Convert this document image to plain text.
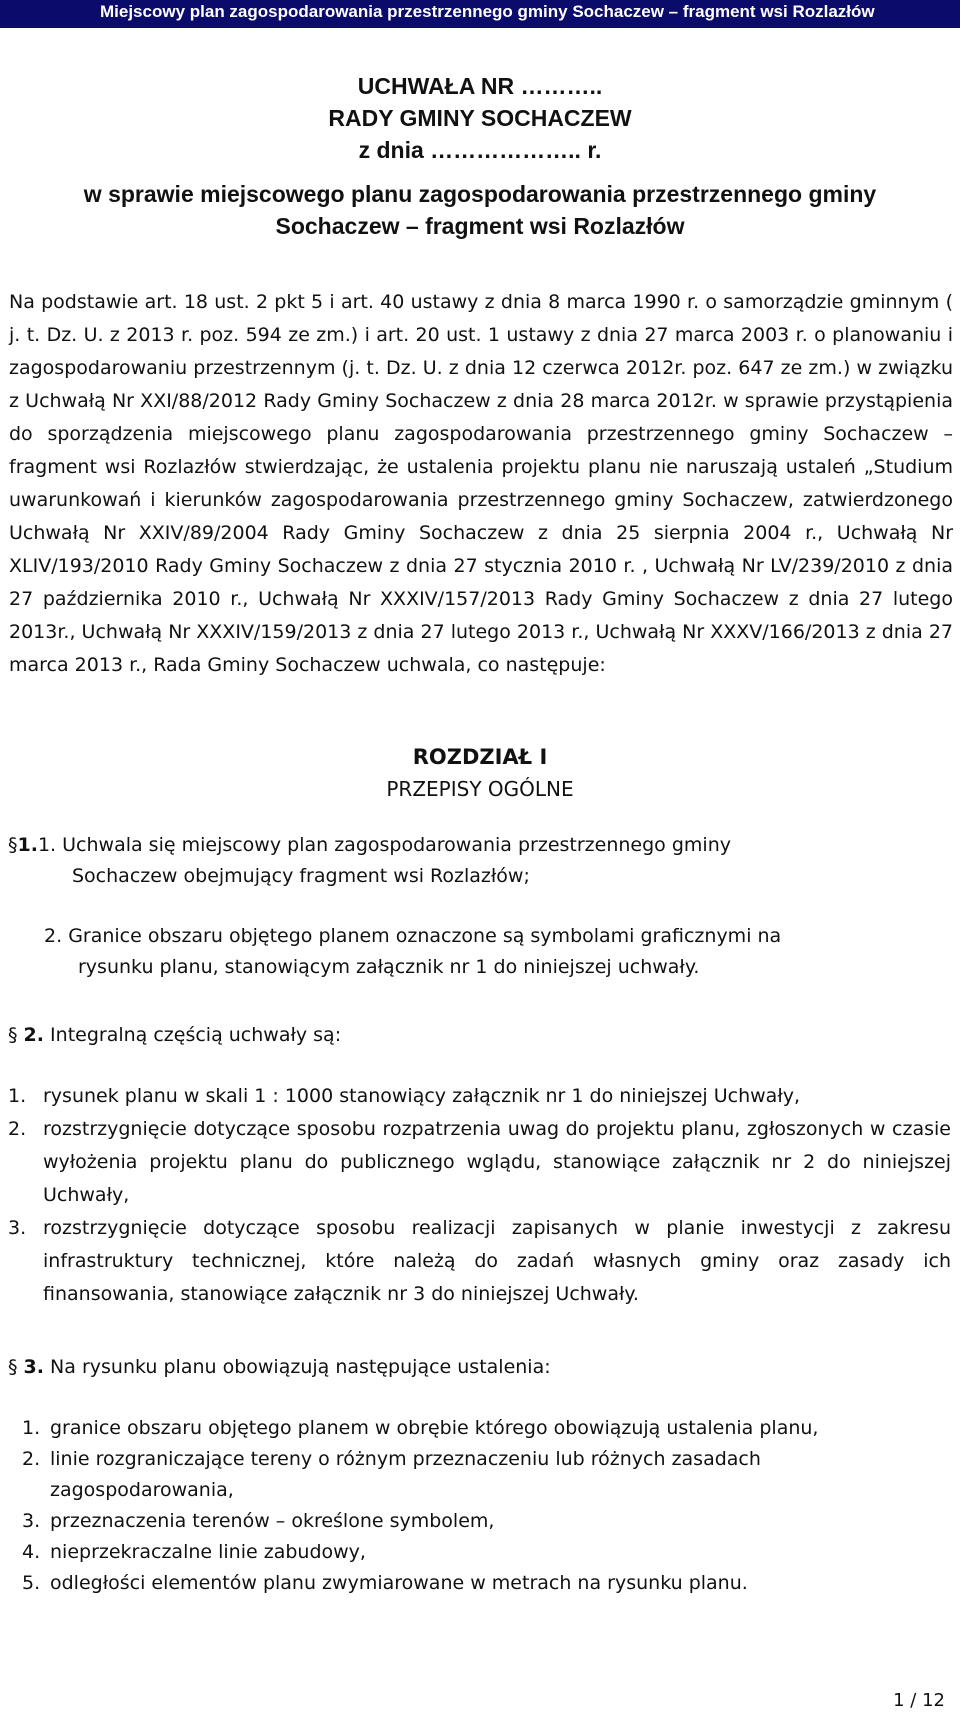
Miejscowy plan zagospodarowania przestrzennego gminy Sochaczew – fragment wsi Rozlazłów
UCHWAŁA NR ………..
RADY GMINY SOCHACZEW
z dnia ……………….. r.
w sprawie miejscowego planu zagospodarowania przestrzennego gminy
Sochaczew – fragment wsi Rozlazłów

Na podstawie art. 18 ust. 2 pkt 5 i art. 40 ustawy z dnia 8 marca 1990 r. o samorządzie gminnym ( j. t. Dz. U. z 2013 r. poz. 594 ze zm.) i art. 20 ust. 1 ustawy z dnia 27 marca 2003 r. o planowaniu i zagospodarowaniu przestrzennym (j. t. Dz. U. z dnia 12 czerwca 2012r. poz. 647 ze zm.) w związku z Uchwałą Nr XXI/88/2012 Rady Gminy Sochaczew z dnia 28 marca 2012r. w sprawie przystąpienia do sporządzenia miejscowego planu zagospodarowania przestrzennego gminy Sochaczew – fragment wsi Rozlazłów stwierdzając, że ustalenia projektu planu nie naruszają ustaleń „Studium uwarunkowań i kierunków zagospodarowania przestrzennego gminy Sochaczew, zatwierdzonego Uchwałą Nr XXIV/89/2004 Rady Gminy Sochaczew z dnia 25 sierpnia 2004 r., Uchwałą Nr XLIV/193/2010 Rady Gminy Sochaczew z dnia 27 stycznia 2010 r. , Uchwałą Nr LV/239/2010 z dnia 27 października 2010 r., Uchwałą Nr XXXIV/157/2013 Rady Gminy Sochaczew z dnia 27 lutego 2013r., Uchwałą Nr XXXIV/159/2013 z dnia 27 lutego 2013 r., Uchwałą Nr XXXV/166/2013 z dnia 27 marca 2013 r., Rada Gminy Sochaczew uchwala, co następuje:

ROZDZIAŁ I
PRZEPISY OGÓLNE
§1.1. Uchwala się miejscowy plan zagospodarowania przestrzennego gminy
Sochaczew obejmujący fragment wsi Rozlazłów;
2. Granice obszaru objętego planem oznaczone są symbolami graficznymi na
rysunku planu, stanowiącym załącznik nr 1 do niniejszej uchwały.
§ 2. Integralną częścią uchwały są:
1. rysunek planu w skali 1 : 1000 stanowiący załącznik nr 1 do niniejszej Uchwały,
2. rozstrzygnięcie dotyczące sposobu rozpatrzenia uwag do projektu planu, zgłoszonych w czasie wyłożenia projektu planu do publicznego wglądu, stanowiące załącznik nr 2 do niniejszej Uchwały,
3. rozstrzygnięcie dotyczące sposobu realizacji zapisanych w planie inwestycji z zakresu infrastruktury technicznej, które należą do zadań własnych gminy oraz zasady ich finansowania, stanowiące załącznik nr 3 do niniejszej Uchwały.
§ 3. Na rysunku planu obowiązują następujące ustalenia:
1. granice obszaru objętego planem w obrębie którego obowiązują ustalenia planu,
2. linie rozgraniczające tereny o różnym przeznaczeniu lub różnych zasadach zagospodarowania,
3. przeznaczenia terenów – określone symbolem,
4. nieprzekraczalne linie zabudowy,
5. odległości elementów planu zwymiarowane w metrach na rysunku planu.
1 / 12
